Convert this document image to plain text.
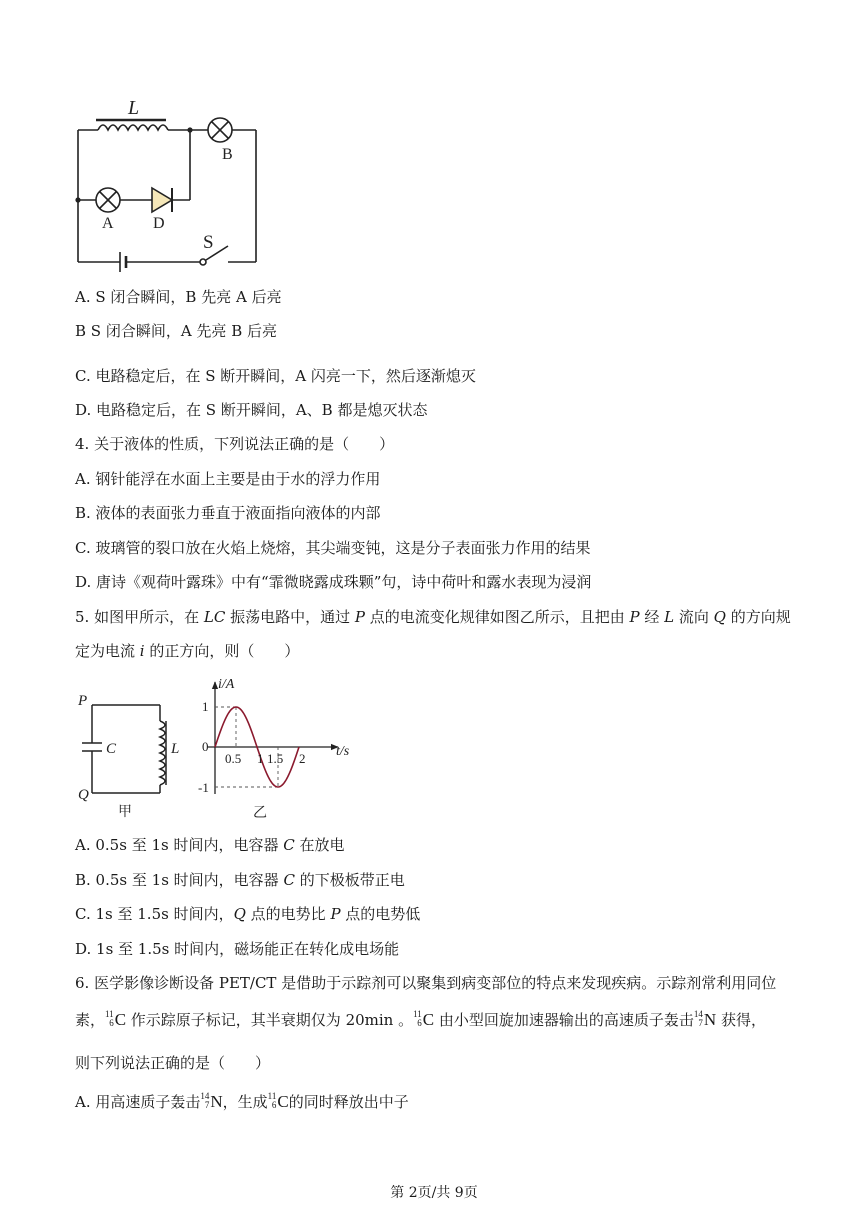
L
B
A D
S
A. S 闭合瞬间，B 先亮 A 后亮
B S 闭合瞬间，A 先亮 B 后亮
C. 电路稳定后，在 S 断开瞬间，A 闪亮一下，然后逐渐熄灭
D. 电路稳定后，在 S 断开瞬间，A、B 都是熄灭状态
4. 关于液体的性质，下列说法正确的是（　　）
A. 钢针能浮在水面上主要是由于水的浮力作用
B. 液体的表面张力垂直于液面指向液体的内部
C. 玻璃管的裂口放在火焰上烧熔，其尖端变钝，这是分子表面张力作用的结果
D. 唐诗《观荷叶露珠》中有“霏微晓露成珠颗”句，诗中荷叶和露水表现为浸润
5. 如图甲所示，在 LC 振荡电路中，通过 P 点的电流变化规律如图乙所示，且把由 P 经 L 流向 Q 的方向规
定为电流 i 的正方向，则（　　）
P
C	L
Q
甲
i/A
t/s
1
0
-1
0.5 1 1.5 2
乙
A. 0.5s 至 1s 时间内，电容器 C 在放电
B. 0.5s 至 1s 时间内，电容器 C 的下极板带正电
C. 1s 至 1.5s 时间内，Q 点的电势比 P 点的电势低
D. 1s 至 1.5s 时间内，磁场能正在转化成电场能
6. 医学影像诊断设备 PET/CT 是借助于示踪剂可以聚集到病变部位的特点来发现疾病。示踪剂常利用同位
素， 11
6 C 作示踪原子标记，其半衰期仅为 20min 。 11
6 C 由小型回旋加速器输出的高速质子轰击 14
7 N 获得，
则下列说法正确的是（　　）
A. 用高速质子轰击 14
7 N，生成 11
6 C的同时释放出中子
第 2页/共 9页
